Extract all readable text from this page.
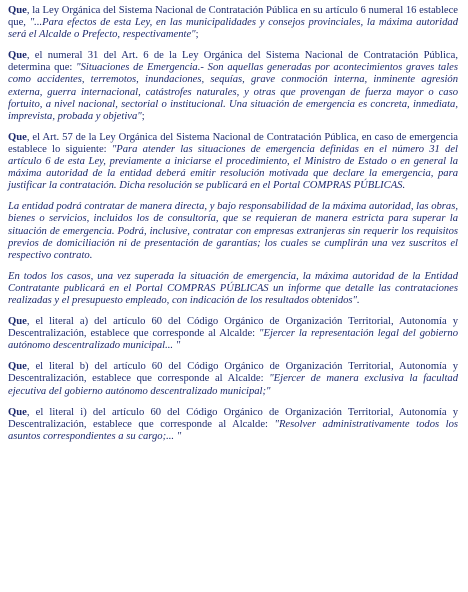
Que, la Ley Orgánica del Sistema Nacional de Contratación Pública en su artículo 6 numeral 16 establece que, "...Para efectos de esta Ley, en las municipalidades y consejos provinciales, la máxima autoridad será el Alcalde o Prefecto, respectivamente";

Que, el numeral 31 del Art. 6 de la Ley Orgánica del Sistema Nacional de Contratación Pública, determina que: "Situaciones de Emergencia.- Son aquellas generadas por acontecimientos graves tales como accidentes, terremotos, inundaciones, sequías, grave conmoción interna, inminente agresión externa, guerra internacional, catástrofes naturales, y otras que provengan de fuerza mayor o caso fortuito, a nivel nacional, sectorial o institucional. Una situación de emergencia es concreta, inmediata, imprevista, probada y objetiva";

Que, el Art. 57 de la Ley Orgánica del Sistema Nacional de Contratación Pública, en caso de emergencia establece lo siguiente: "Para atender las situaciones de emergencia definidas en el número 31 del artículo 6 de esta Ley, previamente a iniciarse el procedimiento, el Ministro de Estado o en general la máxima autoridad de la entidad deberá emitir resolución motivada que declare la emergencia, para justificar la contratación. Dicha resolución se publicará en el Portal COMPRAS PÚBLICAS.

La entidad podrá contratar de manera directa, y bajo responsabilidad de la máxima autoridad, las obras, bienes o servicios, incluidos los de consultoría, que se requieran de manera estricta para superar la situación de emergencia. Podrá, inclusive, contratar con empresas extranjeras sin requerir los requisitos previos de domiciliación ni de presentación de garantías; los cuales se cumplirán una vez suscritos el respectivo contrato.

En todos los casos, una vez superada la situación de emergencia, la máxima autoridad de la Entidad Contratante publicará en el Portal COMPRAS PÚBLICAS un informe que detalle las contrataciones realizadas y el presupuesto empleado, con indicación de los resultados obtenidos".

Que, el literal a) del artículo 60 del Código Orgánico de Organización Territorial, Autonomía y Descentralización, establece que corresponde al Alcalde: "Ejercer la representación legal del gobierno autónomo descentralizado municipal... "

Que, el literal b) del artículo 60 del Código Orgánico de Organización Territorial, Autonomía y Descentralización, establece que corresponde al Alcalde: "Ejercer de manera exclusiva la facultad ejecutiva del gobierno autónomo descentralizado municipal;"

Que, el literal i) del artículo 60 del Código Orgánico de Organización Territorial, Autonomía y Descentralización, establece que corresponde al Alcalde: "Resolver administrativamente todos los asuntos correspondientes a su cargo;... "
